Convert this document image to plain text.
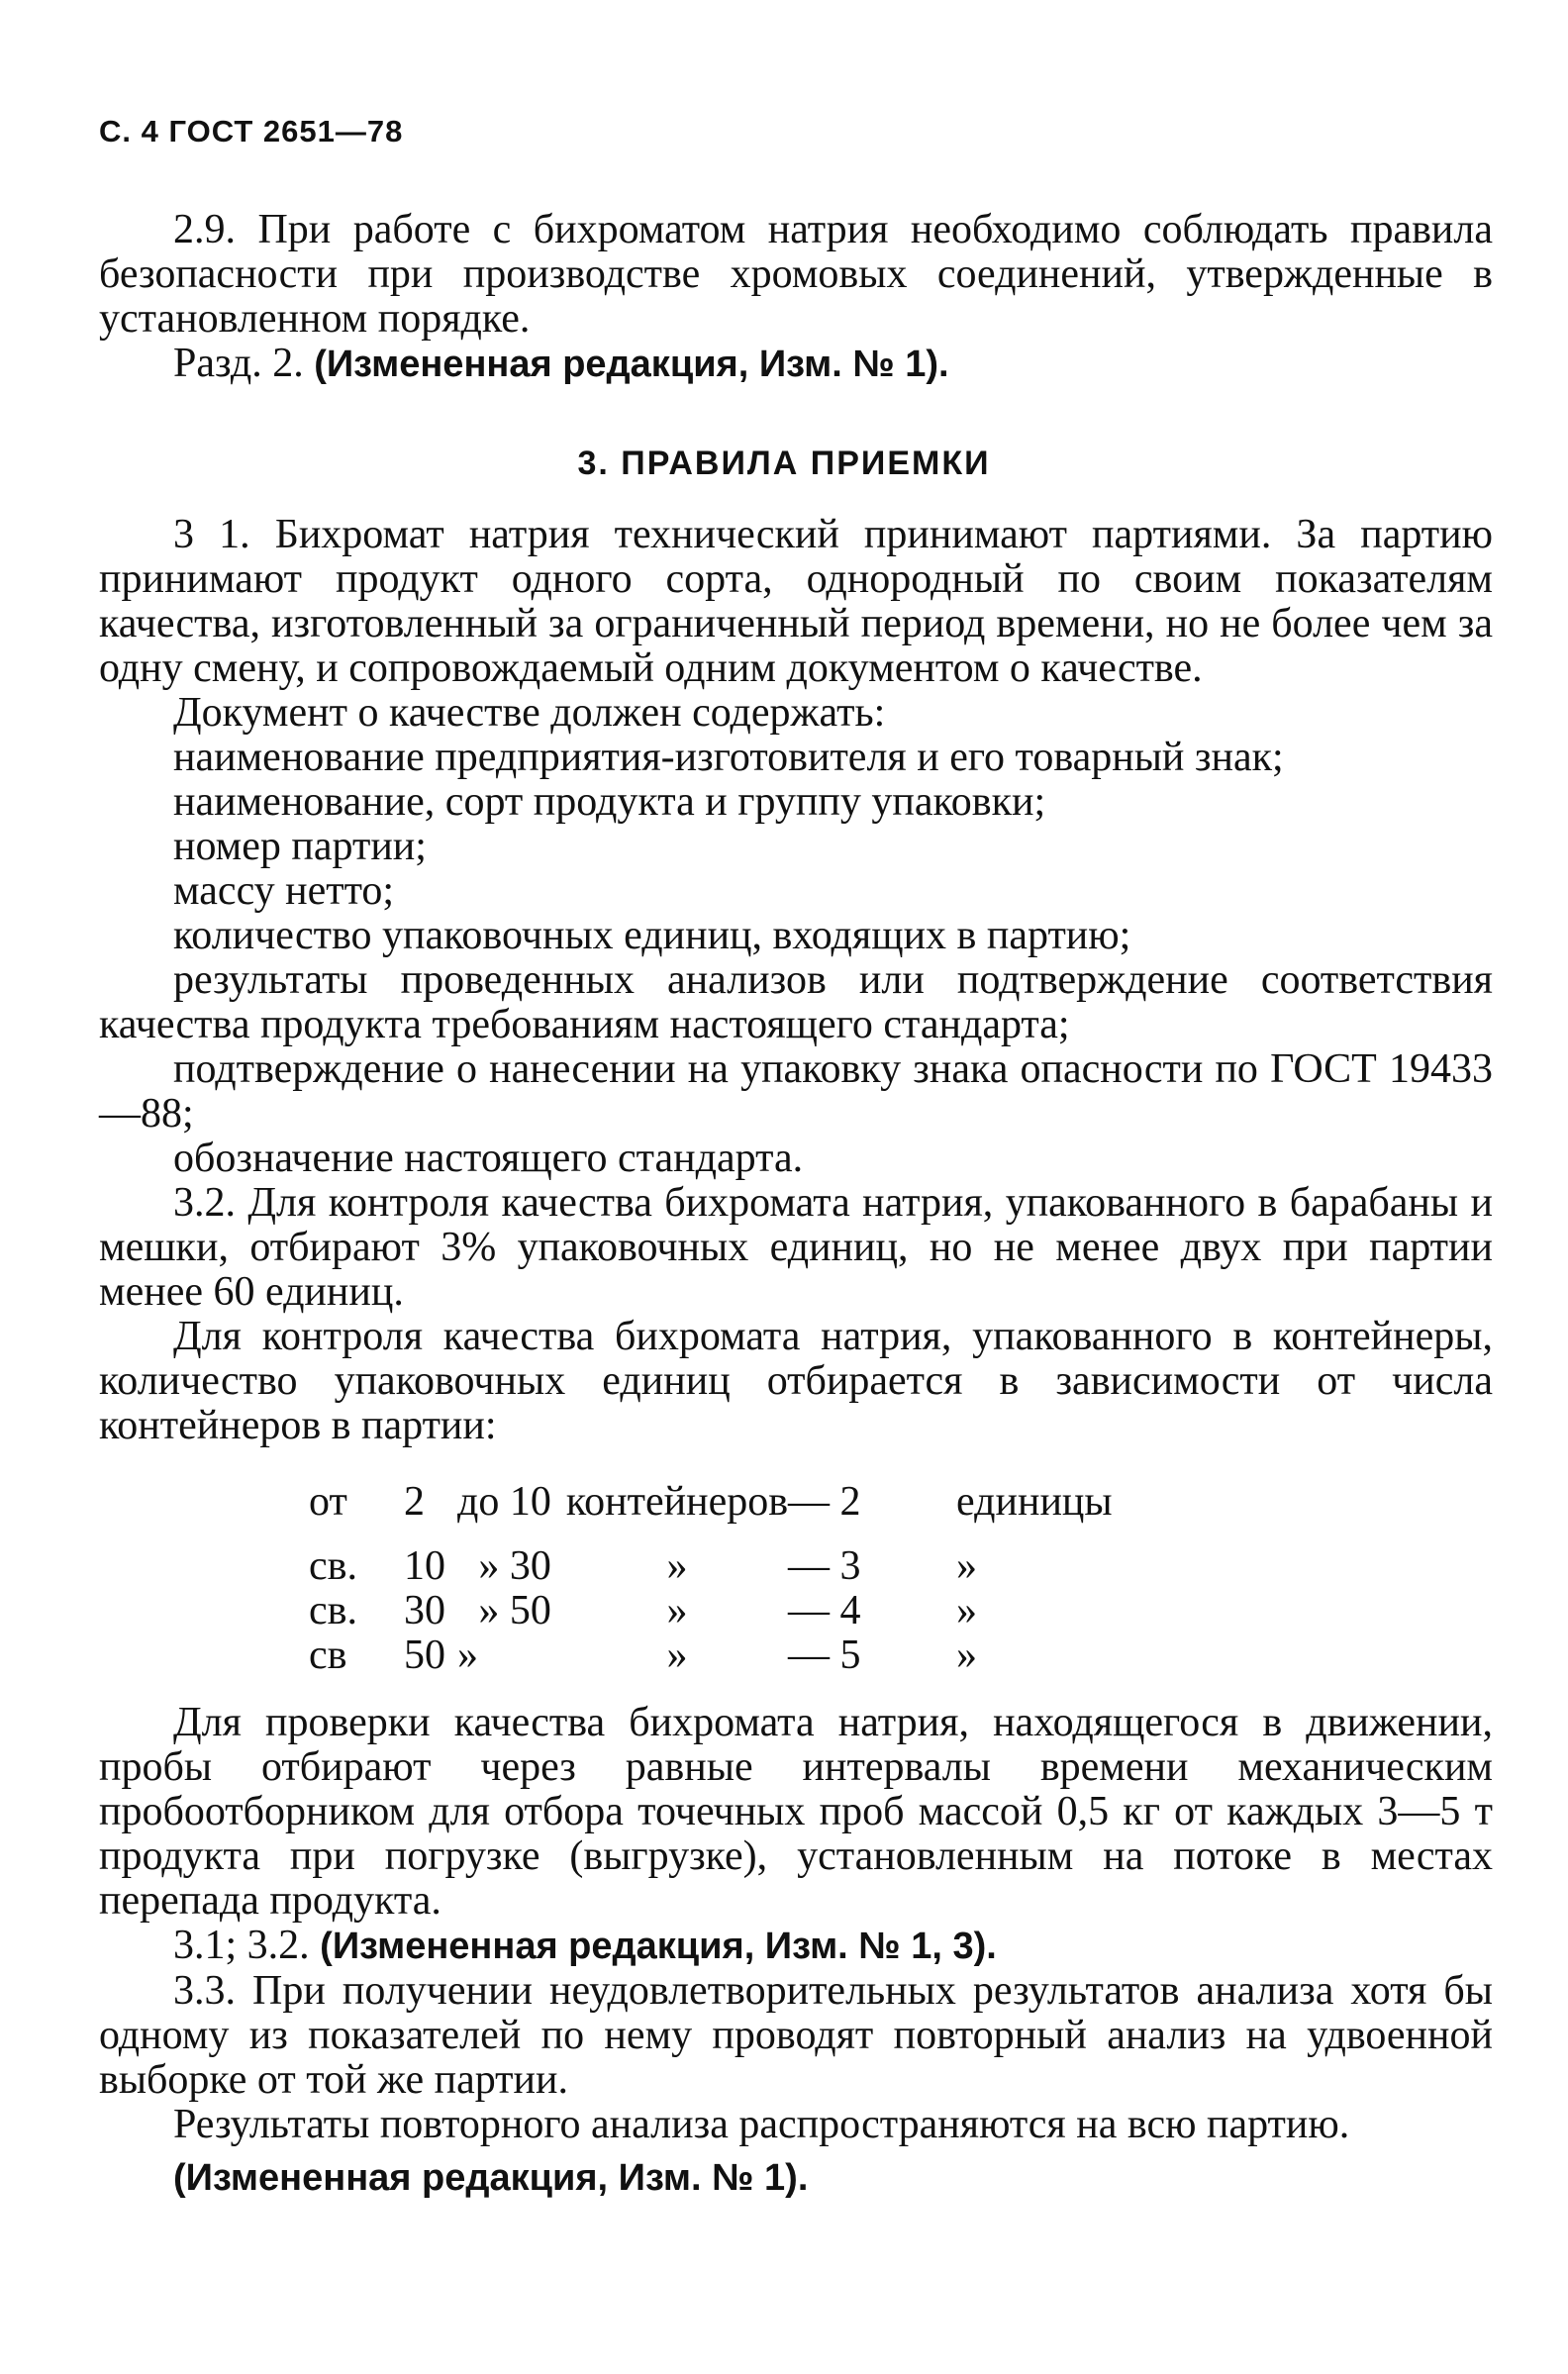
С. 4 ГОСТ 2651—78

2.9. При работе с бихроматом натрия необходимо соблюдать правила безопасности при производстве хромовых соединений, утвержденные в установленном порядке.

Разд. 2. (Измененная редакция, Изм. № 1).

3. ПРАВИЛА ПРИЕМКИ

3 1. Бихромат натрия технический принимают партиями. За партию принимают продукт одного сорта, однородный по своим показателям качества, изготовленный за ограниченный период времени, но не более чем за одну смену, и сопровождаемый одним документом о качестве.

Документ о качестве должен содержать:

наименование предприятия-изготовителя и его товарный знак;

наименование, сорт продукта и группу упаковки;

номер партии;

массу нетто;

количество упаковочных единиц, входящих в партию;

результаты проведенных анализов или подтверждение соответствия качества продукта требованиям настоящего стандарта;

подтверждение о нанесении на упаковку знака опасности по ГОСТ 19433—88;

обозначение настоящего стандарта.

3.2. Для контроля качества бихромата натрия, упакованного в барабаны и мешки, отбирают 3% упаковочных единиц, но не менее двух при партии менее 60 единиц.

Для контроля качества бихромата натрия, упакованного в контейнеры, количество упаковочных единиц отбирается в зависимости от числа контейнеров в партии:

от	2	до 10	контейнеров	— 2	единицы

св.	10	» 30	»	— 3	»
св.	30	» 50	»	— 4	»
св	50	»	»	— 5	»

Для проверки качества бихромата натрия, находящегося в движении, пробы отбирают через равные интервалы времени механическим пробоотборником для отбора точечных проб массой 0,5 кг от каждых 3—5 т продукта при погрузке (выгрузке), установленным на потоке в местах перепада продукта.

3.1; 3.2. (Измененная редакция, Изм. № 1, 3).

3.3. При получении неудовлетворительных результатов анализа хотя бы одному из показателей по нему проводят повторный анализ на удвоенной выборке от той же партии.

Результаты повторного анализа распространяются на всю партию.

(Измененная редакция, Изм. № 1).
